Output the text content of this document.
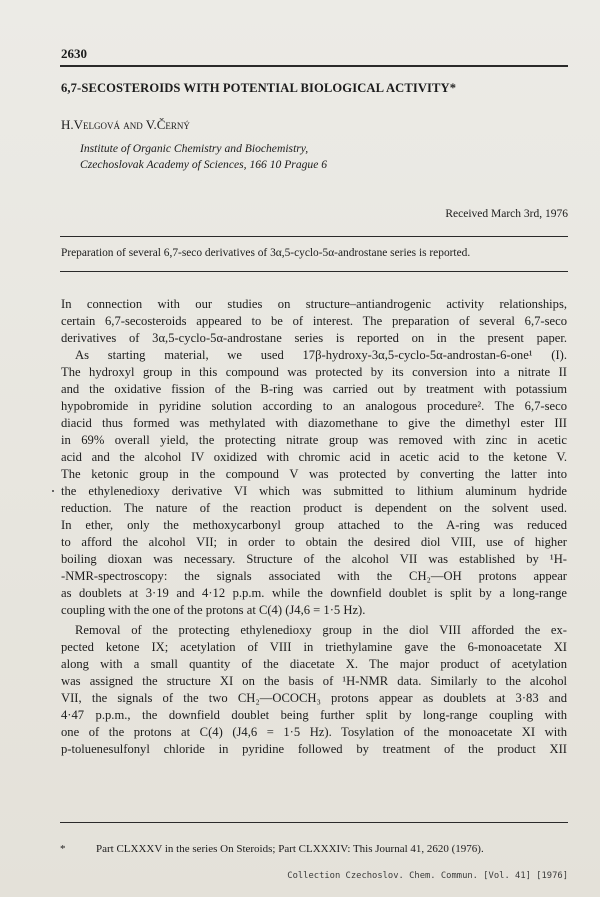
2630
6,7-SECOSTEROIDS WITH POTENTIAL BIOLOGICAL ACTIVITY*
H.Velgová and V.Černý
Institute of Organic Chemistry and Biochemistry,
Czechoslovak Academy of Sciences, 166 10 Prague 6
Received March 3rd, 1976
Preparation of several 6,7-seco derivatives of 3α,5-cyclo-5α-androstane series is reported.
In connection with our studies on structure–antiandrogenic activity relationships,
certain 6,7-secosteroids appeared to be of interest. The preparation of several 6,7-seco
derivatives of 3α,5-cyclo-5α-androstane series is reported on in the present paper.
As starting material, we used 17β-hydroxy-3α,5-cyclo-5α-androstan-6-one¹ (I).
The hydroxyl group in this compound was protected by its conversion into a nitrate II
and the oxidative fission of the B-ring was carried out by treatment with potassium
hypobromide in pyridine solution according to an analogous procedure². The 6,7-seco
diacid thus formed was methylated with diazomethane to give the dimethyl ester III
in 69% overall yield, the protecting nitrate group was removed with zinc in acetic
acid and the alcohol IV oxidized with chromic acid in acetic acid to the ketone V.
The ketonic group in the compound V was protected by converting the latter into
the ethylenedioxy derivative VI which was submitted to lithium aluminum hydride
reduction. The nature of the reaction product is dependent on the solvent used.
In ether, only the methoxycarbonyl group attached to the A-ring was reduced
to afford the alcohol VII; in order to obtain the desired diol VIII, use of higher
boiling dioxan was necessary. Structure of the alcohol VII was established by ¹H-
-NMR-spectroscopy: the signals associated with the CH₂—OH protons appear
as doublets at 3·19 and 4·12 p.p.m. while the downfield doublet is split by a long-range
coupling with the one of the protons at C(4) (J4,6 = 1·5 Hz).
Removal of the protecting ethylenedioxy group in the diol VIII afforded the ex-
pected ketone IX; acetylation of VIII in triethylamine gave the 6-monoacetate XI
along with a small quantity of the diacetate X. The major product of acetylation
was assigned the structure XI on the basis of ¹H-NMR data. Similarly to the alcohol
VII, the signals of the two CH₂—OCOCH₃ protons appear as doublets at 3·83 and
4·47 p.p.m., the downfield doublet being further split by long-range coupling with
one of the protons at C(4) (J4,6 = 1·5 Hz). Tosylation of the monoacetate XI with
p-toluenesulfonyl chloride in pyridine followed by treatment of the product XII
*	Part CLXXXV in the series On Steroids; Part CLXXXIV: This Journal 41, 2620 (1976).
Collection Czechoslov. Chem. Commun. [Vol. 41] [1976]
